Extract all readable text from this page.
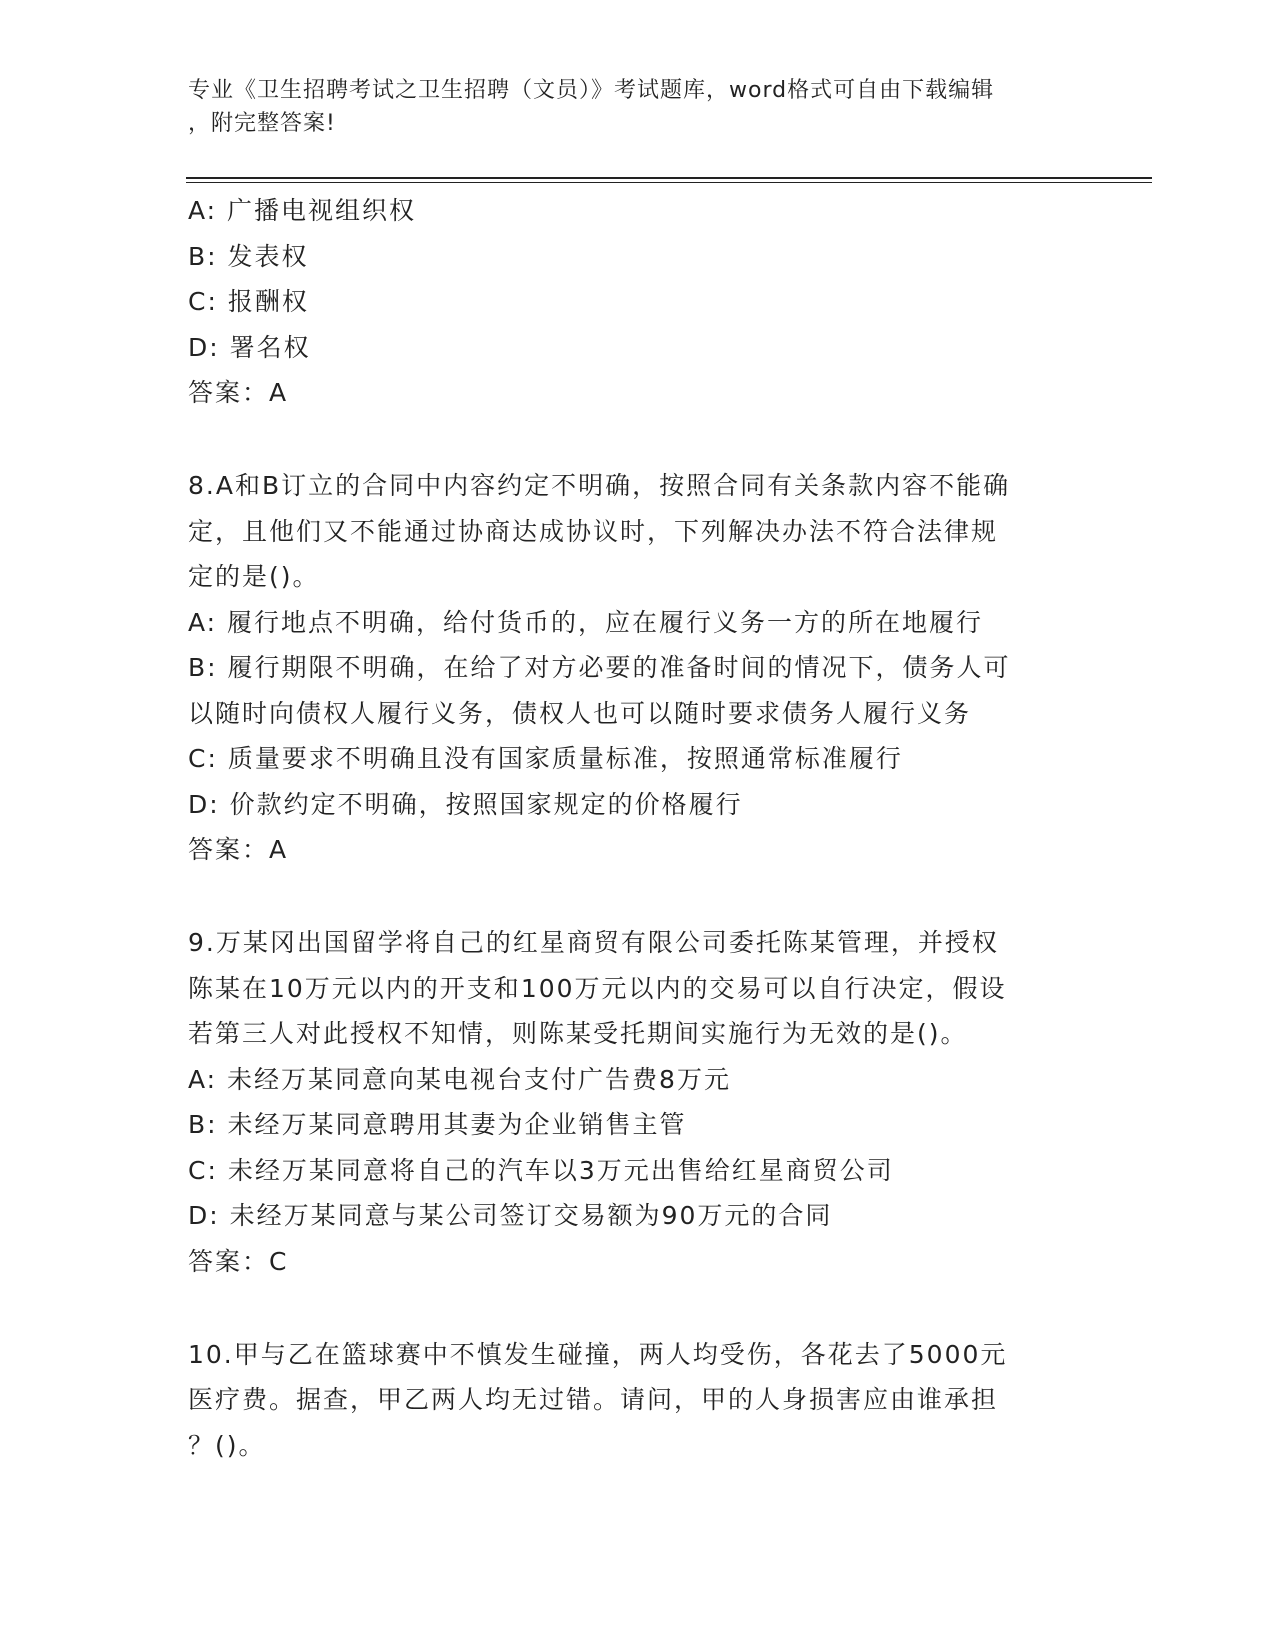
专业《卫生招聘考试之卫生招聘（文员）》考试题库，word格式可自由下载编辑
，附完整答案!
A: 广播电视组织权
B: 发表权
C: 报酬权
D: 署名权
答案：A
8.A和B订立的合同中内容约定不明确，按照合同有关条款内容不能确
定，且他们又不能通过协商达成协议时，下列解决办法不符合法律规
定的是()。
A: 履行地点不明确，给付货币的，应在履行义务一方的所在地履行
B: 履行期限不明确，在给了对方必要的准备时间的情况下，债务人可
以随时向债权人履行义务，债权人也可以随时要求债务人履行义务
C: 质量要求不明确且没有国家质量标准，按照通常标准履行
D: 价款约定不明确，按照国家规定的价格履行
答案：A
9.万某冈出国留学将自己的红星商贸有限公司委托陈某管理，并授权
陈某在10万元以内的开支和100万元以内的交易可以自行决定，假设
若第三人对此授权不知情，则陈某受托期间实施行为无效的是()。
A: 未经万某同意向某电视台支付广告费8万元
B: 未经万某同意聘用其妻为企业销售主管
C: 未经万某同意将自己的汽车以3万元出售给红星商贸公司
D: 未经万某同意与某公司签订交易额为90万元的合同
答案：C
10.甲与乙在篮球赛中不慎发生碰撞，两人均受伤，各花去了5000元
医疗费。据查，甲乙两人均无过错。请问，甲的人身损害应由谁承担
？()。
